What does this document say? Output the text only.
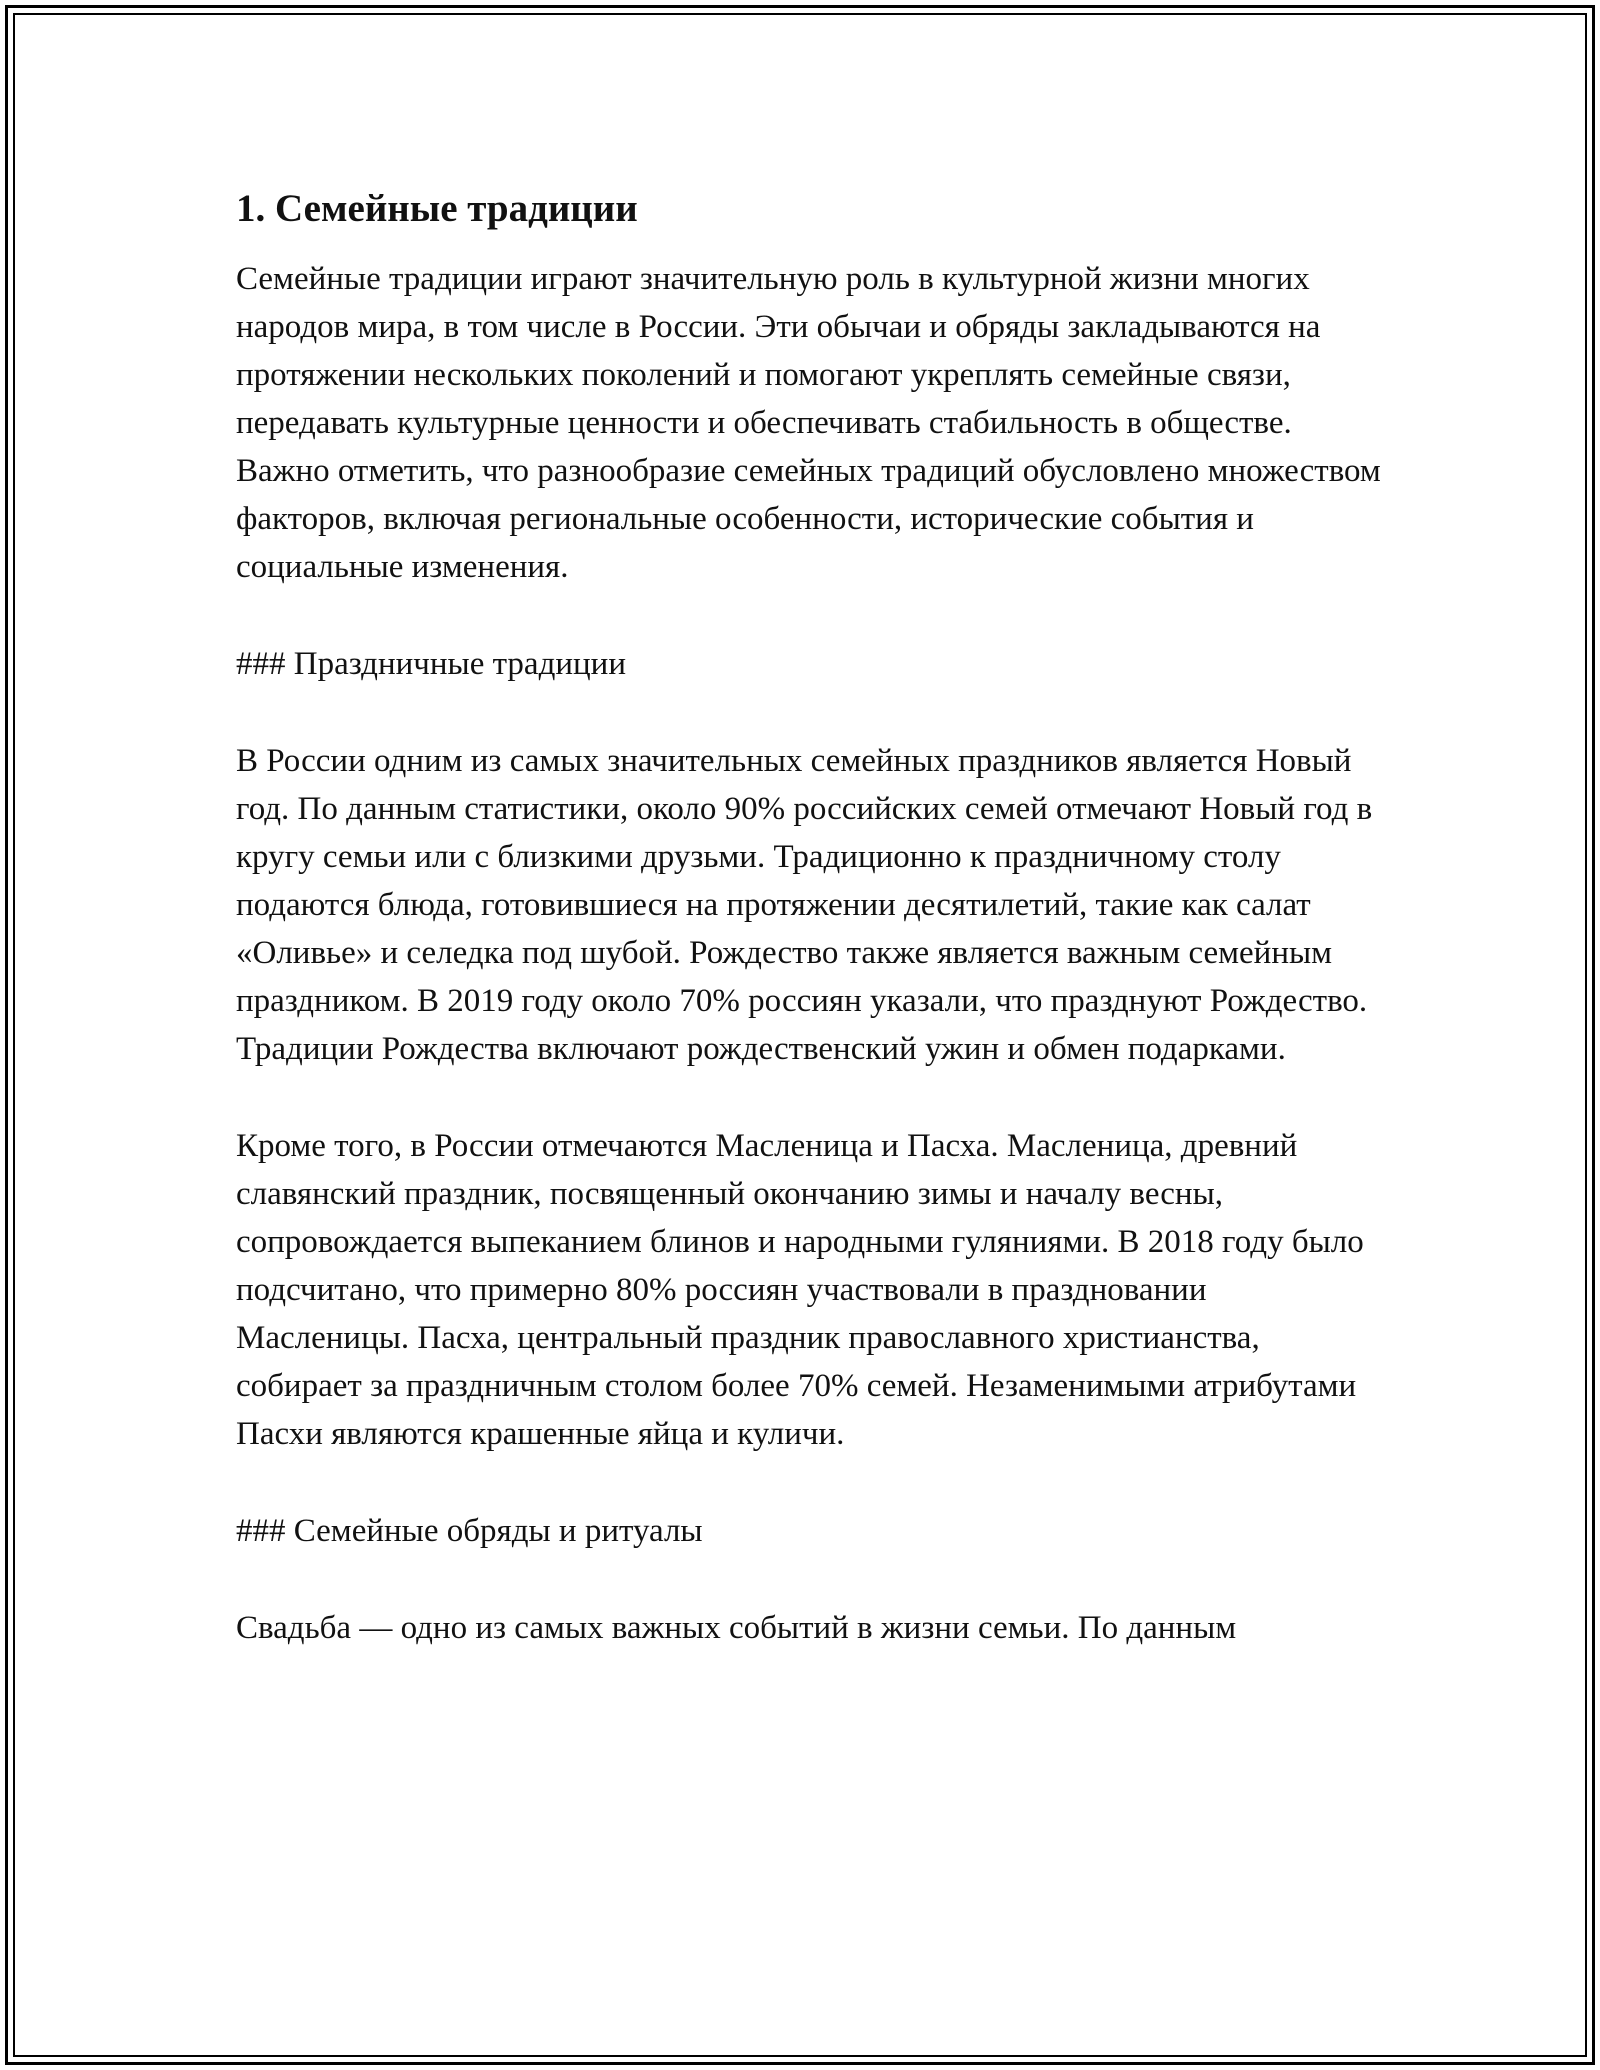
1. Семейные традиции

Семейные традиции играют значительную роль в культурной жизни многих народов мира, в том числе в России. Эти обычаи и обряды закладываются на протяжении нескольких поколений и помогают укреплять семейные связи, передавать культурные ценности и обеспечивать стабильность в обществе. Важно отметить, что разнообразие семейных традиций обусловлено множеством факторов, включая региональные особенности, исторические события и социальные изменения.

### Праздничные традиции

В России одним из самых значительных семейных праздников является Новый год. По данным статистики, около 90% российских семей отмечают Новый год в кругу семьи или с близкими друзьми. Традиционно к праздничному столу подаются блюда, готовившиеся на протяжении десятилетий, такие как салат «Оливье» и селедка под шубой. Рождество также является важным семейным праздником. В 2019 году около 70% россиян указали, что празднуют Рождество. Традиции Рождества включают рождественский ужин и обмен подарками.

Кроме того, в России отмечаются Масленица и Пасха. Масленица, древний славянский праздник, посвященный окончанию зимы и началу весны, сопровождается выпеканием блинов и народными гуляниями. В 2018 году было подсчитано, что примерно 80% россиян участвовали в праздновании Масленицы. Пасха, центральный праздник православного христианства, собирает за праздничным столом более 70% семей. Незаменимыми атрибутами Пасхи являются крашенные яйца и куличи.

### Семейные обряды и ритуалы

Свадьба — одно из самых важных событий в жизни семьи. По данным
